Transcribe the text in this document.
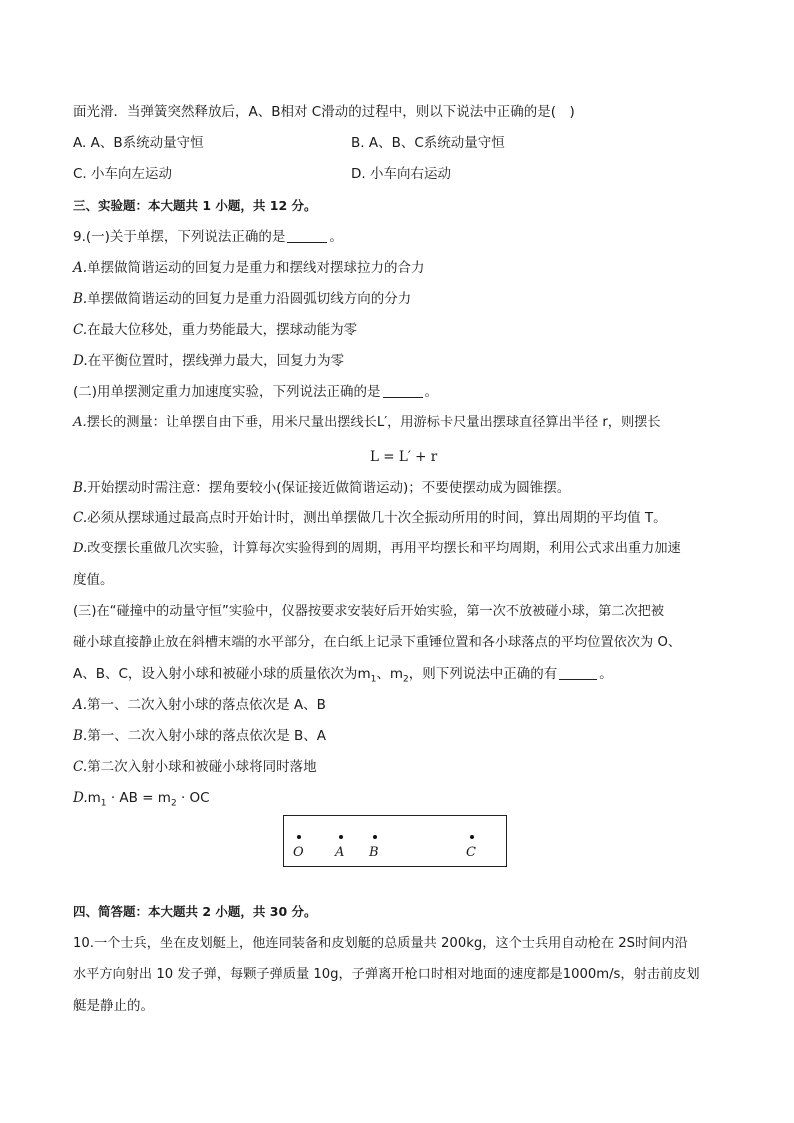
面光滑．当弹簧突然释放后，A、B相对 C滑动的过程中，则以下说法中正确的是(　)
A. A、B系统动量守恒	B. A、B、C系统动量守恒
C. 小车向左运动	D. 小车向右运动
三、实验题：本大题共 1 小题，共 12 分。
9.(一)关于单摆，下列说法正确的是	。
A.单摆做简谐运动的回复力是重力和摆线对摆球拉力的合力
B.单摆做简谐运动的回复力是重力沿圆弧切线方向的分力
C.在最大位移处，重力势能最大，摆球动能为零
D.在平衡位置时，摆线弹力最大，回复力为零
(二)用单摆测定重力加速度实验，下列说法正确的是	。
A.摆长的测量：让单摆自由下垂，用米尺量出摆线长L′，用游标卡尺量出摆球直径算出半径 r，则摆长
L = L′ + r
B.开始摆动时需注意：摆角要较小(保证接近做简谐运动)；不要使摆动成为圆锥摆。
C.必须从摆球通过最高点时开始计时，测出单摆做几十次全振动所用的时间，算出周期的平均值 T。
D.改变摆长重做几次实验，计算每次实验得到的周期，再用平均摆长和平均周期，利用公式求出重力加速
度值。
(三)在“碰撞中的动量守恒”实验中，仪器按要求安装好后开始实验，第一次不放被碰小球，第二次把被
碰小球直接静止放在斜槽末端的水平部分，在白纸上记录下重锤位置和各小球落点的平均位置依次为 O、
A、B、C，设入射小球和被碰小球的质量依次为$m_1$、$m_2$，则下列说法中正确的有	。
A.第一、二次入射小球的落点依次是 A、B
B.第一、二次入射小球的落点依次是 B、A
C.第二次入射小球和被碰小球将同时落地
$D.m_1$ · AB = $m_2$ · OC
O A B	C
四、简答题：本大题共 2 小题，共 30 分。
10.一个士兵，坐在皮划艇上，他连同装备和皮划艇的总质量共 200kg，这个士兵用自动枪在 2S时间内沿
水平方向射出 10 发子弹，每颗子弹质量 10g，子弹离开枪口时相对地面的速度都是1000m/s，射击前皮划
艇是静止的。
